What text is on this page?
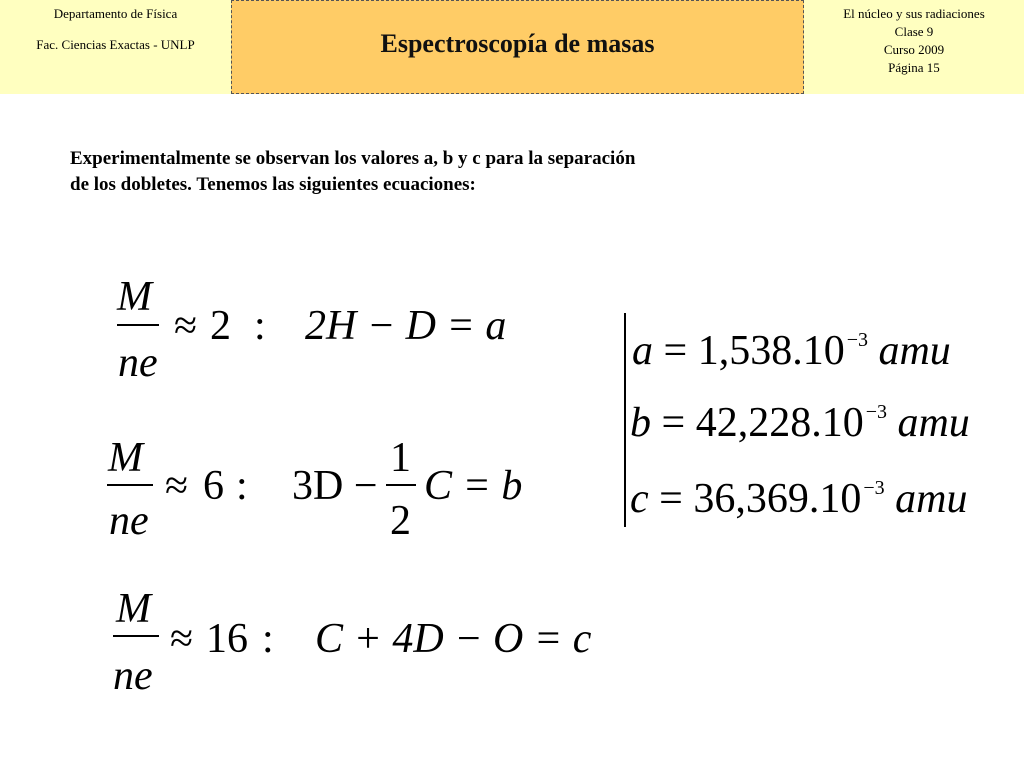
Departamento de Física
Fac. Ciencias Exactas - UNLP	Espectroscopía de masas
El núcleo y sus radiaciones
Clase 9
Curso 2009
Página 15
Experimentalmente se observan los valores a, b y c para la separación
de los dobletes. Tenemos las siguientes ecuaciones:
M
ne
≈ 2 : 2H − D = a
M
ne
≈ 6 : 3D −
1
2
C = b
M
ne
≈ 16 : C + 4D − O = c
a = 1,538.10 $^{-3}$ amu
b = 42,228.10 $^{-3}$ amu
c = 36,369.10 $^{-3}$ amu
